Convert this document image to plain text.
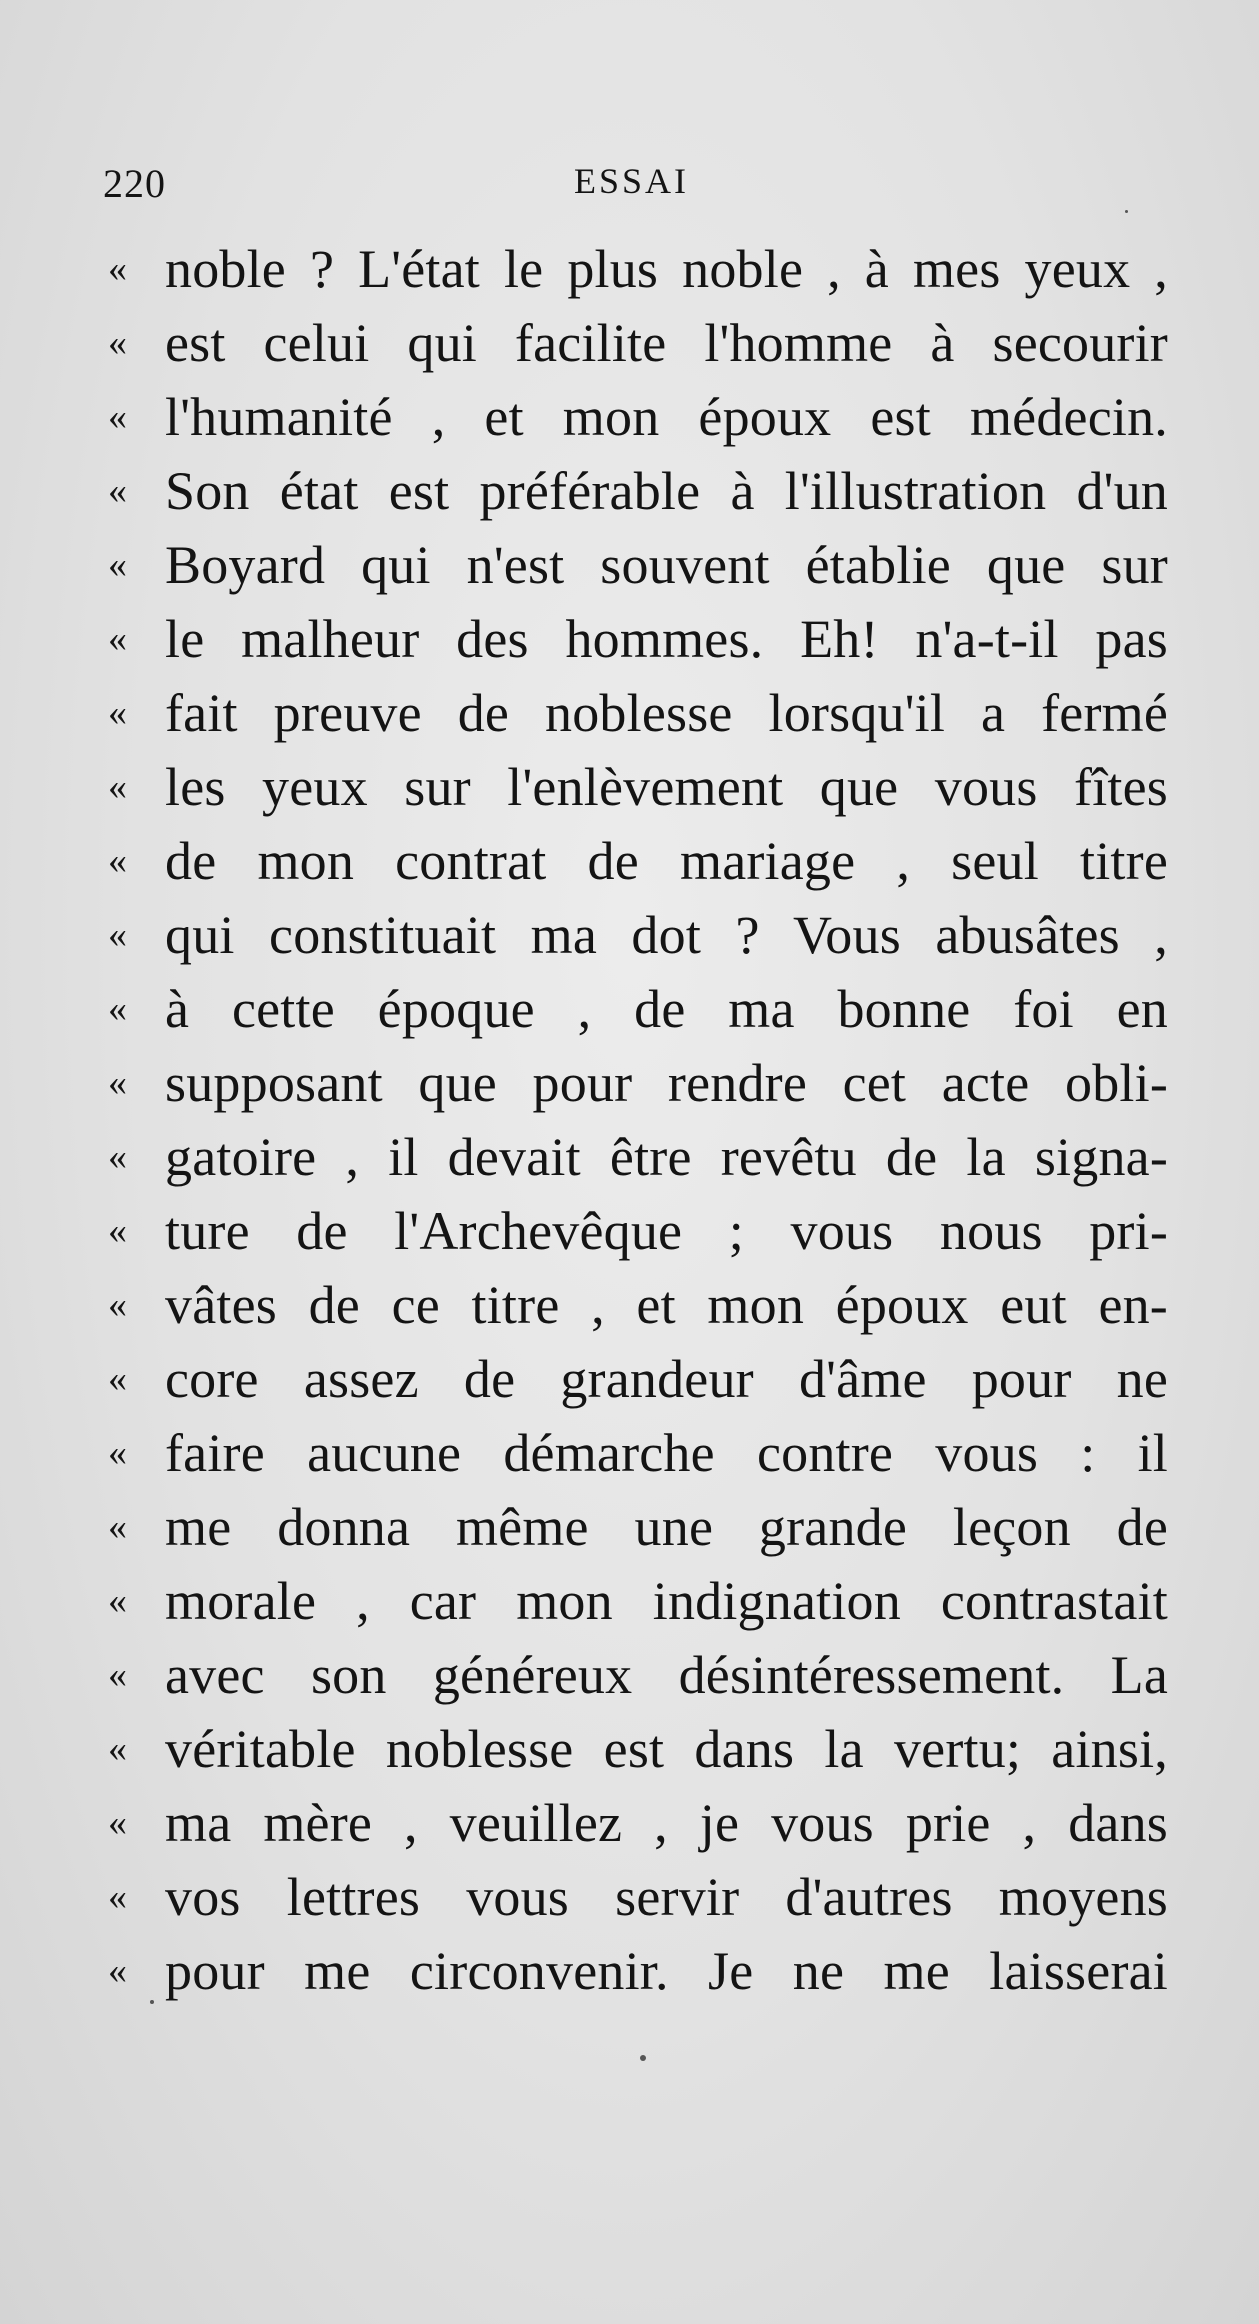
220	ESSAI
« noble ? L'état le plus noble , à mes yeux ,
« est celui qui facilite l'homme à secourir
« l'humanité , et mon époux est médecin.
« Son état est préférable à l'illustration d'un
« Boyard qui n'est souvent établie que sur
« le malheur des hommes. Eh! n'a-t-il pas
« fait preuve de noblesse lorsqu'il a fermé
« les yeux sur l'enlèvement que vous fîtes
« de mon contrat de mariage , seul titre
« qui constituait ma dot ? Vous abusâtes ,
« à cette époque , de ma bonne foi en
« supposant que pour rendre cet acte obli-
« gatoire , il devait être revêtu de la signa-
« ture de l'Archevêque ; vous nous pri-
« vâtes de ce titre , et mon époux eut en-
« core assez de grandeur d'âme pour ne
« faire aucune démarche contre vous : il
« me donna même une grande leçon de
« morale , car mon indignation contrastait
« avec son généreux désintéressement. La
« véritable noblesse est dans la vertu; ainsi,
« ma mère , veuillez , je vous prie , dans
« vos lettres vous servir d'autres moyens
« pour me circonvenir. Je ne me laisserai
